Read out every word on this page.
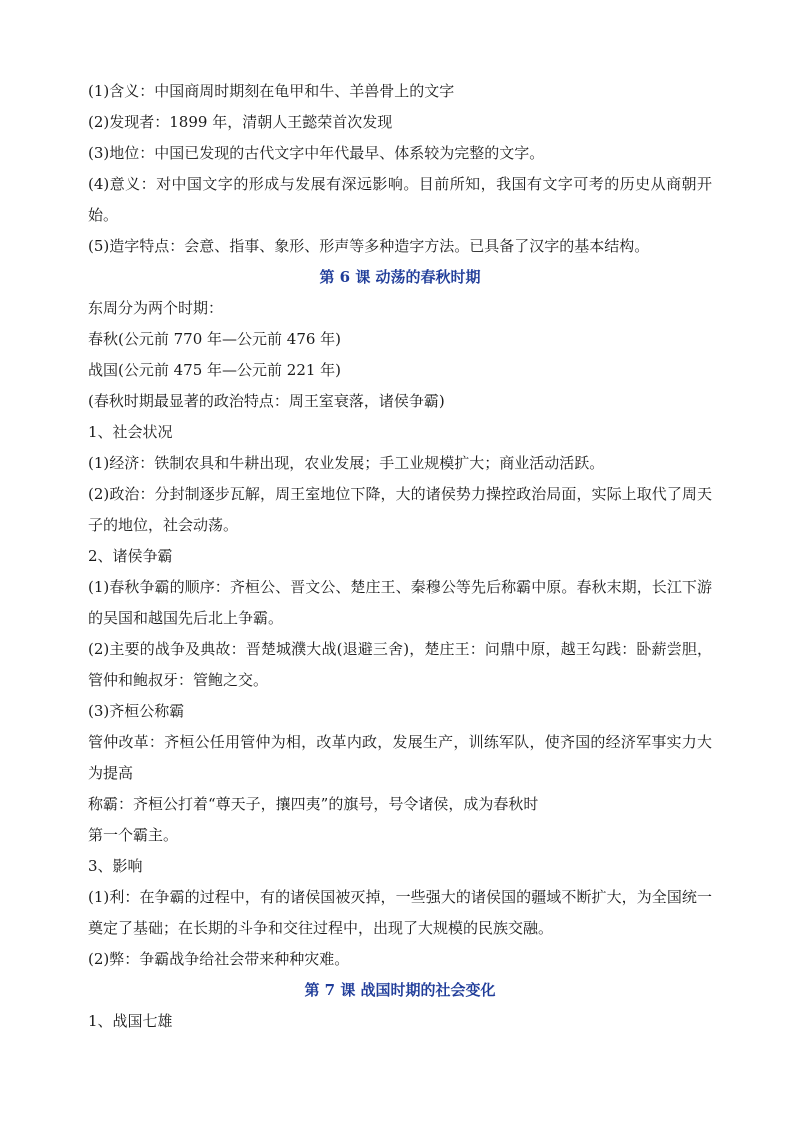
(1)含义：中国商周时期刻在龟甲和牛、羊兽骨上的文字
(2)发现者：1899 年，清朝人王懿荣首次发现
(3)地位：中国已发现的古代文字中年代最早、体系较为完整的文字。
(4)意义：对中国文字的形成与发展有深远影响。目前所知，我国有文字可考的历史从商朝开始。
(5)造字特点：会意、指事、象形、形声等多种造字方法。已具备了汉字的基本结构。
第 6 课 动荡的春秋时期
东周分为两个时期：
春秋(公元前 770 年—公元前 476 年)
战国(公元前 475 年—公元前 221 年)
(春秋时期最显著的政治特点：周王室衰落，诸侯争霸)
1、社会状况
(1)经济：铁制农具和牛耕出现，农业发展；手工业规模扩大；商业活动活跃。
(2)政治：分封制逐步瓦解，周王室地位下降，大的诸侯势力操控政治局面，实际上取代了周天子的地位，社会动荡。
2、诸侯争霸
(1)春秋争霸的顺序：齐桓公、晋文公、楚庄王、秦穆公等先后称霸中原。春秋末期，长江下游的吴国和越国先后北上争霸。
(2)主要的战争及典故：晋楚城濮大战(退避三舍)，楚庄王：问鼎中原，越王勾践：卧薪尝胆，管仲和鲍叔牙：管鲍之交。
(3)齐桓公称霸
管仲改革：齐桓公任用管仲为相，改革内政，发展生产，训练军队，使齐国的经济军事实力大为提高
称霸：齐桓公打着“尊天子，攘四夷”的旗号，号令诸侯，成为春秋时
第一个霸主。
3、影响
(1)利：在争霸的过程中，有的诸侯国被灭掉，一些强大的诸侯国的疆域不断扩大，为全国统一奠定了基础；在长期的斗争和交往过程中，出现了大规模的民族交融。
(2)弊：争霸战争给社会带来种种灾难。
第 7 课 战国时期的社会变化
1、战国七雄
